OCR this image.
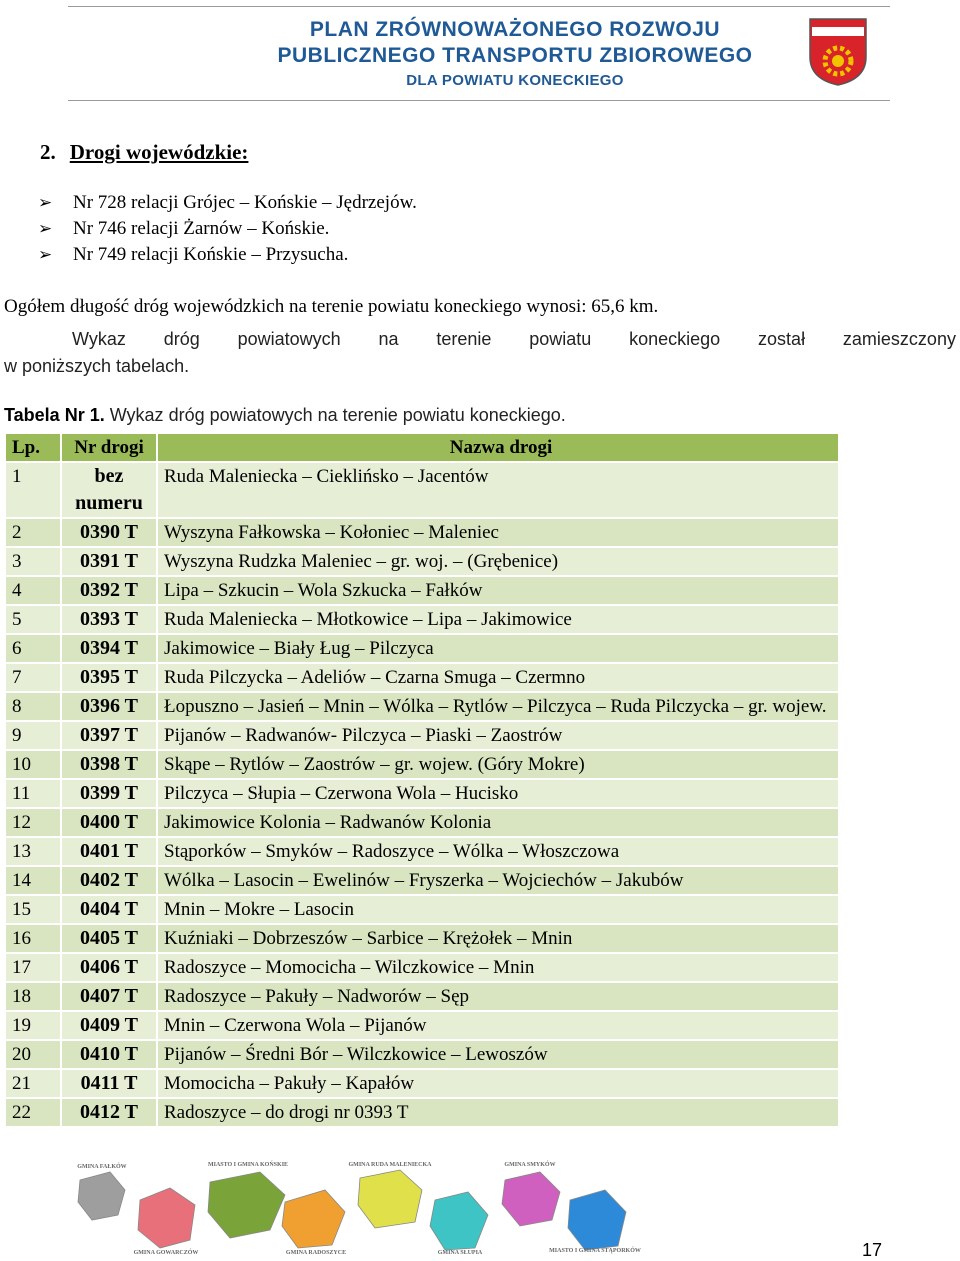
PLAN ZRÓWNOWAŻONEGO ROZWOJU
PUBLICZNEGO TRANSPORTU ZBIOROWEGO
DLA POWIATU KONECKIEGO
2. Drogi wojewódzkie:
➢	Nr 728 relacji Grójec – Końskie – Jędrzejów.
➢	Nr 746 relacji Żarnów – Końskie.
➢	Nr 749 relacji Końskie – Przysucha.
Ogółem długość dróg wojewódzkich na terenie powiatu koneckiego wynosi: 65,6 km.
Wykaz dróg powiatowych na terenie powiatu koneckiego został zamieszczony
w poniższych tabelach.
Tabela Nr 1. Wykaz dróg powiatowych na terenie powiatu koneckiego.
Lp.	Nr drogi	Nazwa drogi
1	bez numeru	Ruda Maleniecka – Cieklińsko – Jacentów
2	0390 T	Wyszyna Fałkowska – Kołoniec – Maleniec
3	0391 T	Wyszyna Rudzka Maleniec – gr. woj. – (Grębenice)
4	0392 T	Lipa – Szkucin – Wola Szkucka – Fałków
5	0393 T	Ruda Maleniecka – Młotkowice – Lipa – Jakimowice
6	0394 T	Jakimowice – Biały Ług – Pilczyca
7	0395 T	Ruda Pilczycka – Adeliów – Czarna Smuga – Czermno
8	0396 T	Łopuszno – Jasień – Mnin – Wólka – Rytlów – Pilczyca – Ruda Pilczycka – gr. wojew.
9	0397 T	Pijanów – Radwanów- Pilczyca – Piaski – Zaostrów
10	0398 T	Skąpe – Rytlów – Zaostrów – gr. wojew. (Góry Mokre)
11	0399 T	Pilczyca – Słupia – Czerwona Wola – Hucisko
12	0400 T	Jakimowice Kolonia – Radwanów Kolonia
13	0401 T	Stąporków – Smyków – Radoszyce – Wólka – Włoszczowa
14	0402 T	Wólka – Lasocin – Ewelinów – Fryszerka – Wojciechów – Jakubów
15	0404 T	Mnin – Mokre – Lasocin
16	0405 T	Kuźniaki – Dobrzeszów – Sarbice – Krężołek – Mnin
17	0406 T	Radoszyce – Momocicha – Wilczkowice – Mnin
18	0407 T	Radoszyce – Pakuły – Nadworów – Sęp
19	0409 T	Mnin – Czerwona Wola – Pijanów
20	0410 T	Pijanów – Średni Bór – Wilczkowice – Lewoszów
21	0411 T	Momocicha – Pakuły – Kapałów
22	0412 T	Radoszyce – do drogi nr 0393 T
GMINA FAŁKÓW
GMINA GOWARCZÓW
MIASTO I GMINA KOŃSKIE
GMINA RADOSZYCE
GMINA RUDA MALENIECKA
GMINA SŁUPIA
GMINA SMYKÓW
MIASTO I GMINA STĄPORKÓW	17
